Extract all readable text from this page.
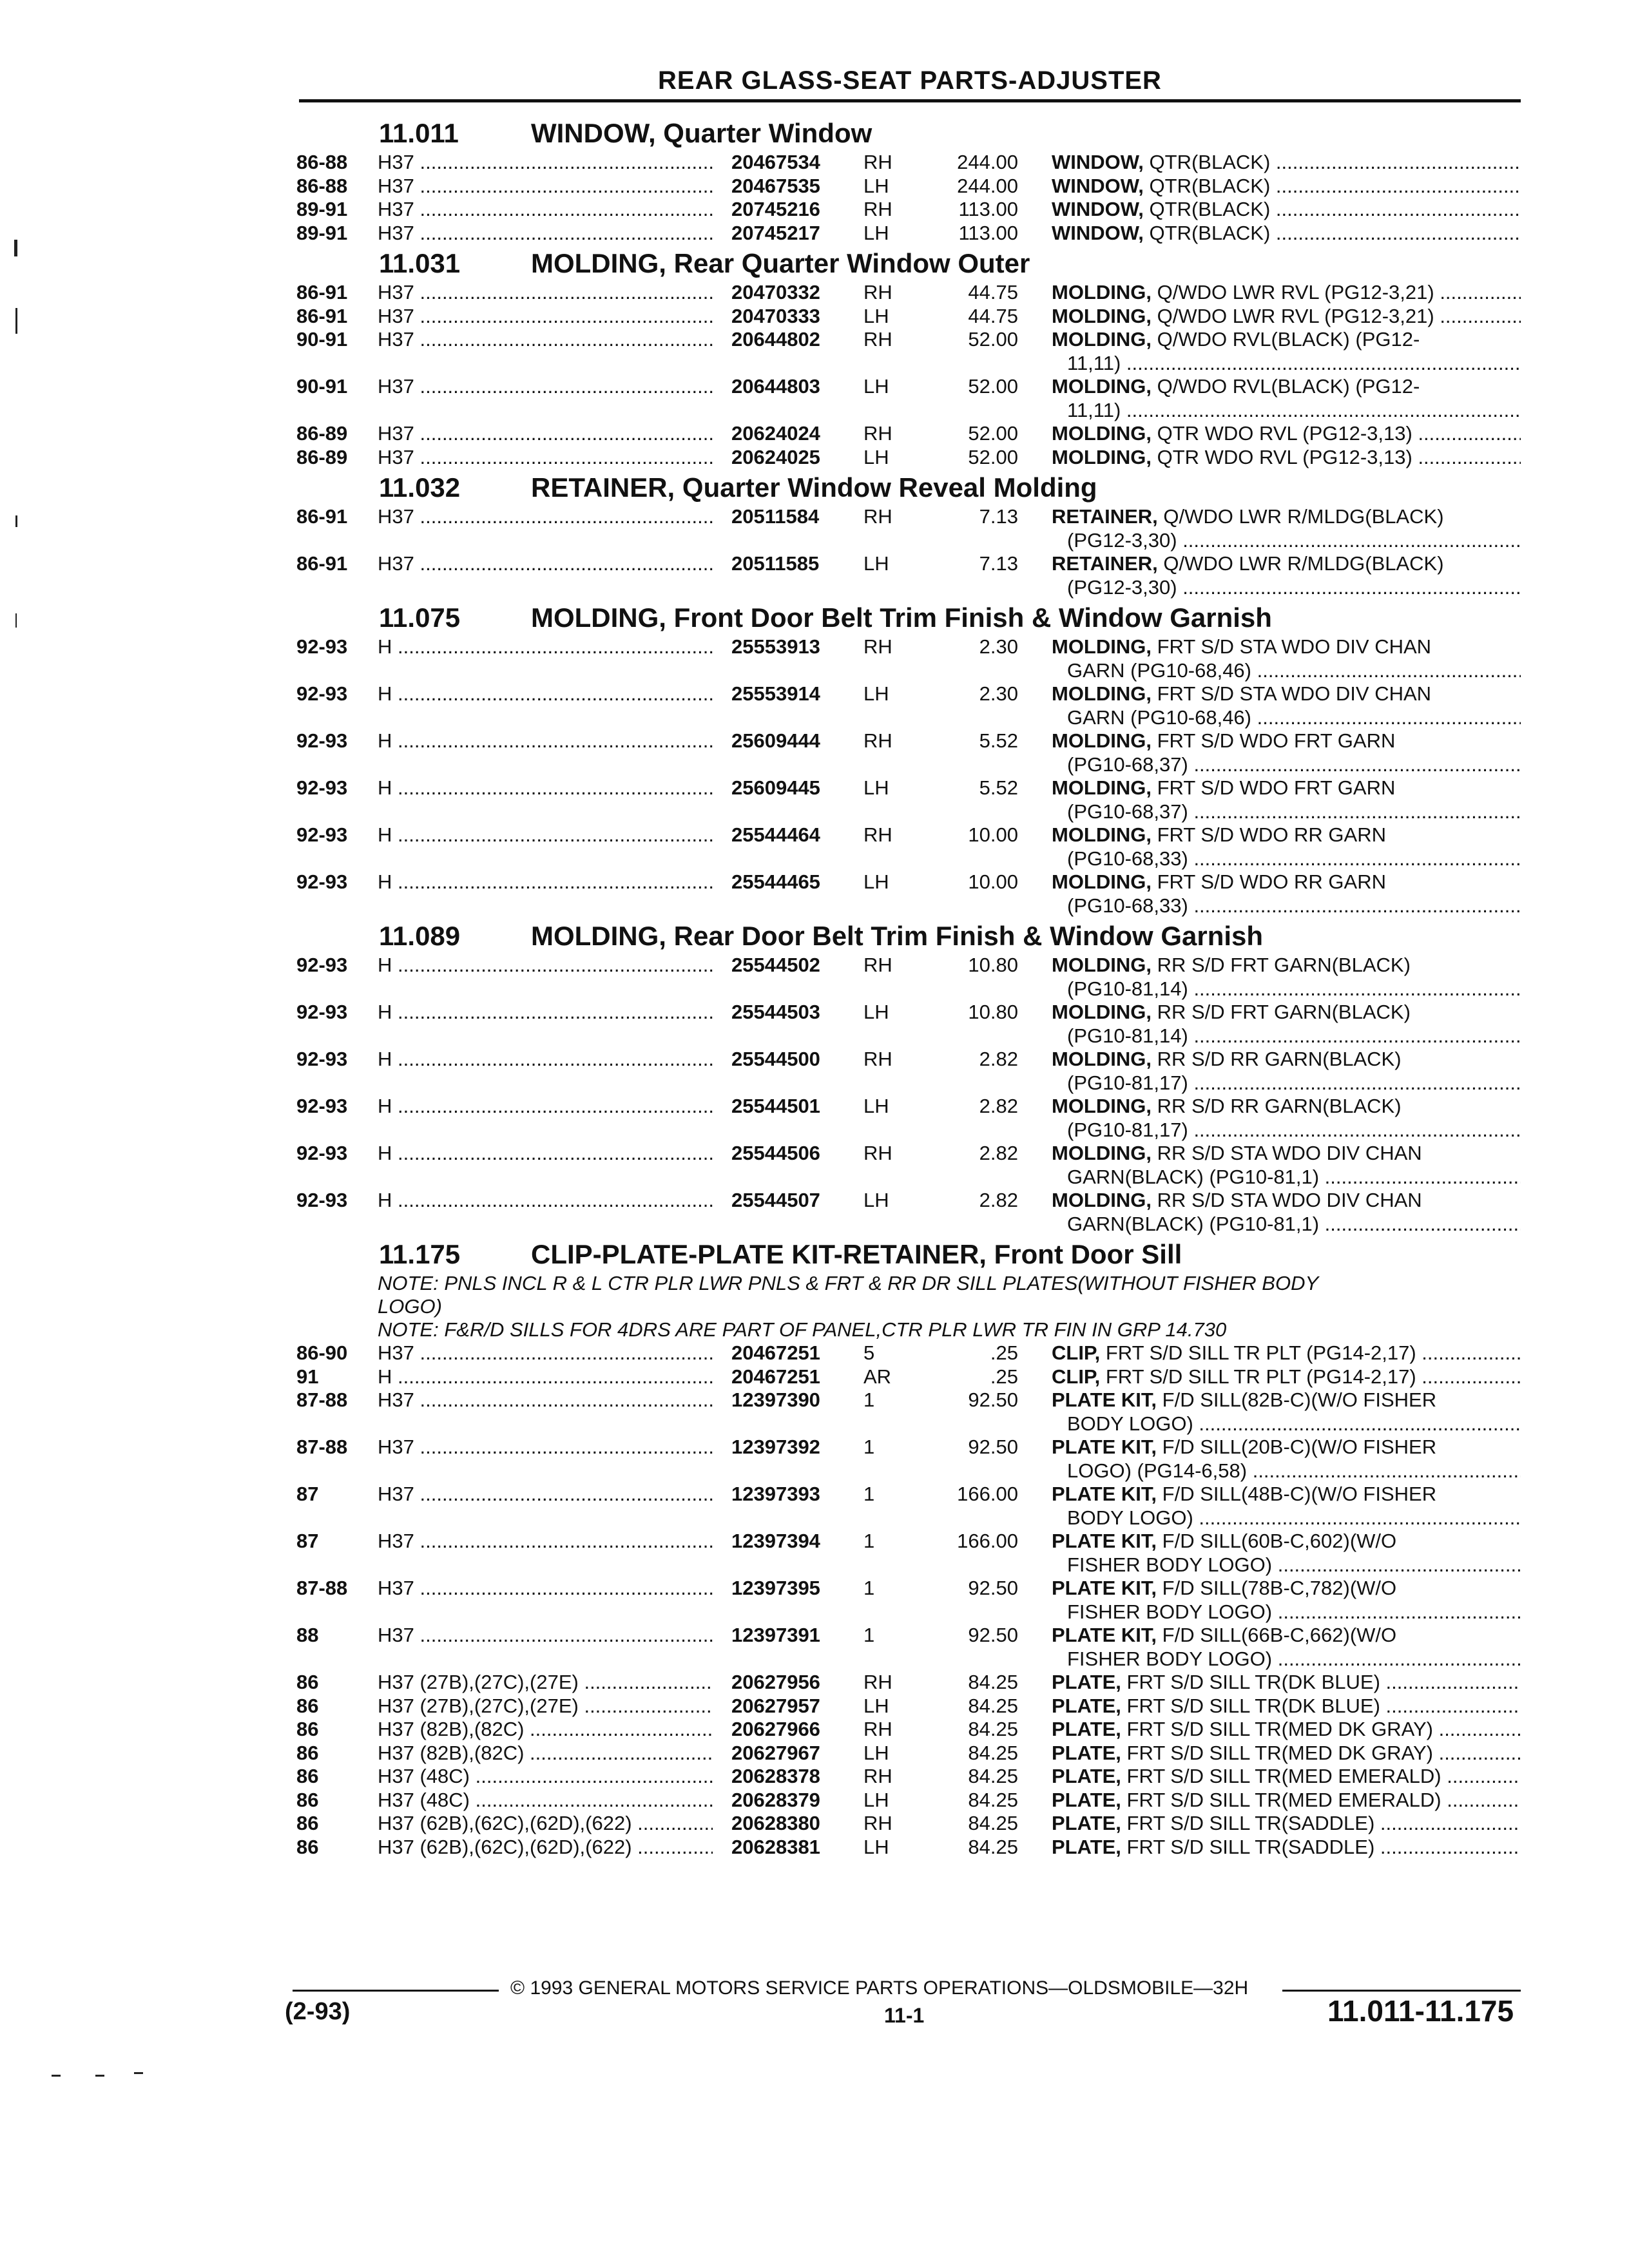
REAR GLASS-SEAT PARTS-ADJUSTER
11.011	WINDOW, Quarter Window
86-88 H37 .....	20467534 RH	244.00 WINDOW, QTR(BLACK) .....
86-88 H37 .....	20467535 LH	244.00 WINDOW, QTR(BLACK) .....
89-91 H37 .....	20745216 RH	113.00 WINDOW, QTR(BLACK) .....
89-91 H37 .....	20745217 LH	113.00 WINDOW, QTR(BLACK) .....
11.031	MOLDING, Rear Quarter Window Outer
86-91 H37 .....	20470332 RH	44.75 MOLDING, Q/WDO LWR RVL (PG12-3,21) .....
86-91 H37 .....	20470333 LH	44.75 MOLDING, Q/WDO LWR RVL (PG12-3,21) .....
90-91 H37 .....	20644802 RH	52.00 MOLDING, Q/WDO RVL(BLACK) (PG12-
11,11) .....
90-91 H37 .....	20644803 LH	52.00 MOLDING, Q/WDO RVL(BLACK) (PG12-
11,11) .....
86-89 H37 .....	20624024 RH	52.00 MOLDING, QTR WDO RVL (PG12-3,13) .....
86-89 H37 .....	20624025 LH	52.00 MOLDING, QTR WDO RVL (PG12-3,13) .....
11.032	RETAINER, Quarter Window Reveal Molding
86-91 H37 .....	20511584 RH	7.13 RETAINER, Q/WDO LWR R/MLDG(BLACK)
(PG12-3,30) .....
86-91 H37 .....	20511585 LH	7.13 RETAINER, Q/WDO LWR R/MLDG(BLACK)
(PG12-3,30) .....
11.075	MOLDING, Front Door Belt Trim Finish & Window Garnish
92-93 H .....	25553913 RH	2.30 MOLDING, FRT S/D STA WDO DIV CHAN
GARN (PG10-68,46) .....
92-93 H .....	25553914 LH	2.30 MOLDING, FRT S/D STA WDO DIV CHAN
GARN (PG10-68,46) .....
92-93 H .....	25609444 RH	5.52 MOLDING, FRT S/D WDO FRT GARN
(PG10-68,37) .....
92-93 H .....	25609445 LH	5.52 MOLDING, FRT S/D WDO FRT GARN
(PG10-68,37) .....
92-93 H .....	25544464 RH	10.00 MOLDING, FRT S/D WDO RR GARN
(PG10-68,33) .....
92-93 H .....	25544465 LH	10.00 MOLDING, FRT S/D WDO RR GARN
(PG10-68,33) .....
11.089	MOLDING, Rear Door Belt Trim Finish & Window Garnish
92-93 H .....	25544502 RH	10.80 MOLDING, RR S/D FRT GARN(BLACK)
(PG10-81,14) .....
92-93 H .....	25544503 LH	10.80 MOLDING, RR S/D FRT GARN(BLACK)
(PG10-81,14) .....
92-93 H .....	25544500 RH	2.82 MOLDING, RR S/D RR GARN(BLACK)
(PG10-81,17) .....
92-93 H .....	25544501 LH	2.82 MOLDING, RR S/D RR GARN(BLACK)
(PG10-81,17) .....
92-93 H .....	25544506 RH	2.82 MOLDING, RR S/D STA WDO DIV CHAN
GARN(BLACK) (PG10-81,1) .....
92-93 H .....	25544507 LH	2.82 MOLDING, RR S/D STA WDO DIV CHAN
GARN(BLACK) (PG10-81,1) .....
11.175	CLIP-PLATE-PLATE KIT-RETAINER, Front Door Sill
NOTE: PNLS INCL R & L CTR PLR LWR PNLS & FRT & RR DR SILL PLATES(WITHOUT FISHER BODY
LOGO)
NOTE: F&R/D SILLS FOR 4DRS ARE PART OF PANEL,CTR PLR LWR TR FIN IN GRP 14.730
86-90 H37 .....	20467251 5	.25 CLIP, FRT S/D SILL TR PLT (PG14-2,17) .....
91	H .....	20467251 AR	.25 CLIP, FRT S/D SILL TR PLT (PG14-2,17) .....
87-88 H37 .....	12397390 1	92.50 PLATE KIT, F/D SILL(82B-C)(W/O FISHER
BODY LOGO) .....
87-88 H37 .....	12397392 1	92.50 PLATE KIT, F/D SILL(20B-C)(W/O FISHER
LOGO) (PG14-6,58) .....
87	H37 .....	12397393 1	166.00 PLATE KIT, F/D SILL(48B-C)(W/O FISHER
BODY LOGO) .....
87	H37 .....	12397394 1	166.00 PLATE KIT, F/D SILL(60B-C,602)(W/O
FISHER BODY LOGO) .....
87-88 H37 .....	12397395 1	92.50 PLATE KIT, F/D SILL(78B-C,782)(W/O
FISHER BODY LOGO) .....
88	H37 .....	12397391 1	92.50 PLATE KIT, F/D SILL(66B-C,662)(W/O
FISHER BODY LOGO) .....
86	H37 (27B),(27C),(27E) .....	20627956 RH	84.25 PLATE, FRT S/D SILL TR(DK BLUE) .....
86	H37 (27B),(27C),(27E) .....	20627957 LH	84.25 PLATE, FRT S/D SILL TR(DK BLUE) .....
86	H37 (82B),(82C) .....	20627966 RH	84.25 PLATE, FRT S/D SILL TR(MED DK GRAY) .....
86	H37 (82B),(82C) .....	20627967 LH	84.25 PLATE, FRT S/D SILL TR(MED DK GRAY) .....
86	H37 (48C) .....	20628378 RH	84.25 PLATE, FRT S/D SILL TR(MED EMERALD) .....
86	H37 (48C) .....	20628379 LH	84.25 PLATE, FRT S/D SILL TR(MED EMERALD) .....
86	H37 (62B),(62C),(62D),(622) .....	20628380 RH	84.25 PLATE, FRT S/D SILL TR(SADDLE) .....
86	H37 (62B),(62C),(62D),(622) .....	20628381 LH	84.25 PLATE, FRT S/D SILL TR(SADDLE) .....
© 1993 GENERAL MOTORS SERVICE PARTS OPERATIONS—OLDSMOBILE—32H
(2-93)	11-1	11.011-11.175
